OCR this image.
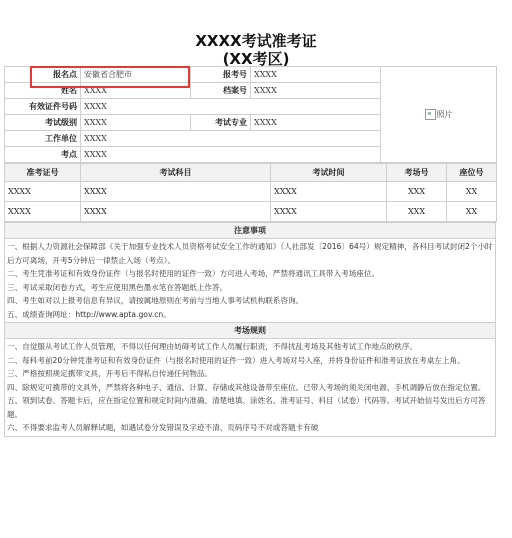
XXXX考试准考证
(XX考区)
报名点	安徽省合肥市	报考号	XXXX	照片
姓名	XXXX	档案号	XXXX	
有效证件号码	XXXX			
考试级别	XXXX	考试专业	XXXX	
工作单位	XXXX			
考点	XXXX			
准考证号	考试科目	考试时间	考场号	座位号
XXXX	XXXX	XXXX	XXX	XX
XXXX	XXXX	XXXX	XXX	XX
注意事项

一、根据人力资源社会保障部《关于加强专业技术人员资格考试安全工作的通知》（人社部发〔2016〕64号）规定精神，各科目考试封闭2个小时后方可离场，开考5分钟后一律禁止入场（考点）。
二、考生凭准考证和有效身份证件（与报名时使用的证件一致）方可进入考场，严禁将通讯工具带入考场座位。
三、考试采取闭卷方式，考生应使用黑色墨水笔在答题纸上作答。
四、考生如对以上报考信息有异议，请按属地原则在考前与当地人事考试机构联系咨询。
五、成绩查询网址：http://www.apta.gov.cn。

考场规则

一、自觉服从考试工作人员管理，不得以任何理由妨碍考试工作人员履行职责，不得扰乱考场及其他考试工作地点的秩序。
二、每科考前20分钟凭准考证和有效身份证件（与报名时使用的证件一致）进入考场对号入座，并将身份证件和准考证放在考桌左上角。
三、严格按照规定携带文具，开考后不得私自传递任何物品。
四、除规定可携带的文具外，严禁将各种电子、通信、计算、存储或其他设备带至座位。已带入考场的须关闭电源、手机调静后放在指定位置。
五、领到试卷、答题卡后，应在指定位置和规定时间内准确、清楚地填、涂姓名、准考证号、科目（试卷）代码等。考试开始信号发出后方可答题。
六、不得要求监考人员解释试题，如遇试卷分发错误及字迹不清、页码序号不对或答题卡有破
